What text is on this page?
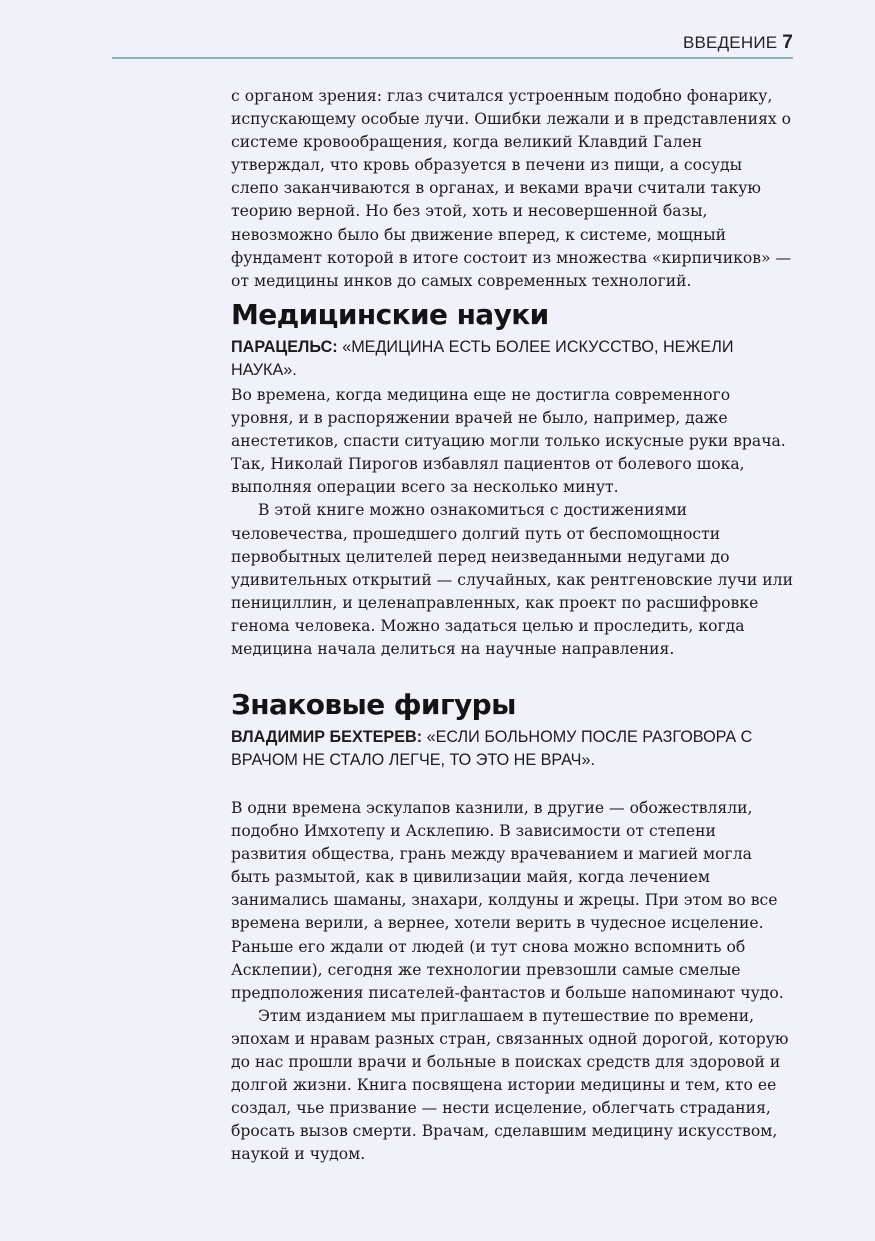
ВВЕДЕНИЕ 7

с органом зрения: глаз считался устроенным подобно фонарику, испускающему особые лучи. Ошибки лежали и в представлениях о системе кровообращения, когда великий Клавдий Гален утверждал, что кровь образуется в печени из пищи, а сосуды слепо заканчиваются в органах, и веками врачи считали такую теорию верной. Но без этой, хоть и несовершенной базы, невозможно было бы движение вперед, к системе, мощный фундамент которой в итоге состоит из множества «кирпичиков» — от медицины инков до самых современных технологий.

Медицинские науки

ПАРАЦЕЛЬС: «МЕДИЦИНА ЕСТЬ БОЛЕЕ ИСКУССТВО, НЕЖЕЛИ НАУКА».

Во времена, когда медицина еще не достигла современного уровня, и в распоряжении врачей не было, например, даже анестетиков, спасти ситуацию могли только искусные руки врача. Так, Николай Пирогов избавлял пациентов от болевого шока, выполняя операции всего за несколько минут.

В этой книге можно ознакомиться с достижениями человечества, прошедшего долгий путь от беспомощности первобытных целителей перед неизведанными недугами до удивительных открытий — случайных, как рентгеновские лучи или пенициллин, и целенаправленных, как проект по расшифровке генома человека. Можно задаться целью и проследить, когда медицина начала делиться на научные направления.

Знаковые фигуры

ВЛАДИМИР БЕХТЕРЕВ: «ЕСЛИ БОЛЬНОМУ ПОСЛЕ РАЗГОВОРА С ВРАЧОМ НЕ СТАЛО ЛЕГЧЕ, ТО ЭТО НЕ ВРАЧ».

В одни времена эскулапов казнили, в другие — обожествляли, подобно Имхотепу и Асклепию. В зависимости от степени развития общества, грань между врачеванием и магией могла быть размытой, как в цивилизации майя, когда лечением занимались шаманы, знахари, колдуны и жрецы. При этом во все времена верили, а вернее, хотели верить в чудесное исцеление. Раньше его ждали от людей (и тут снова можно вспомнить об Асклепии), сегодня же технологии превзошли самые смелые предположения писателей-фантастов и больше напоминают чудо.

Этим изданием мы приглашаем в путешествие по времени, эпохам и нравам разных стран, связанных одной дорогой, которую до нас прошли врачи и больные в поисках средств для здоровой и долгой жизни. Книга посвящена истории медицины и тем, кто ее создал, чье призвание — нести исцеление, облегчать страдания, бросать вызов смерти. Врачам, сделавшим медицину искусством, наукой и чудом.
